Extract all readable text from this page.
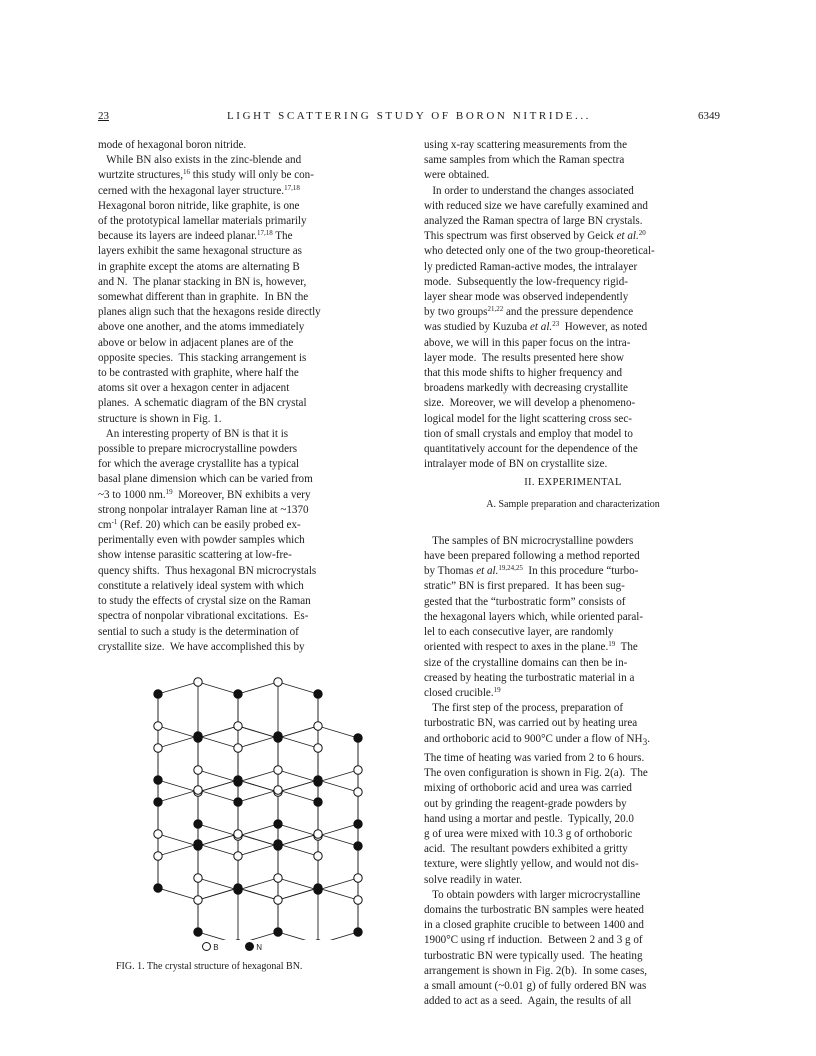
23	LIGHT SCATTERING STUDY OF BORON NITRIDE...	6349

mode of hexagonal boron nitride.

While BN also exists in the zinc-blende and

wurtzite structures,$^{16}$ this study will only be con-

cerned with the hexagonal layer structure.$^{17,18}$

Hexagonal boron nitride, like graphite, is one

of the prototypical lamellar materials primarily

because its layers are indeed planar.$^{17,18}$ The

layers exhibit the same hexagonal structure as

in graphite except the atoms are alternating B

and N.  The planar stacking in BN is, however,

somewhat different than in graphite.  In BN the

planes align such that the hexagons reside directly

above one another, and the atoms immediately

above or below in adjacent planes are of the

opposite species.  This stacking arrangement is

to be contrasted with graphite, where half the

atoms sit over a hexagon center in adjacent

planes.  A schematic diagram of the BN crystal

structure is shown in Fig. 1.

An interesting property of BN is that it is

possible to prepare microcrystalline powders

for which the average crystallite has a typical

basal plane dimension which can be varied from

~3 to 1000 nm.$^{19}$  Moreover, BN exhibits a very

strong nonpolar intralayer Raman line at ~1370

$cm^{-1}$ (Ref. 20) which can be easily probed ex-

perimentally even with powder samples which

show intense parasitic scattering at low-fre-

quency shifts.  Thus hexagonal BN microcrystals

constitute a relatively ideal system with which

to study the effects of crystal size on the Raman

spectra of nonpolar vibrational excitations.  Es-

sential to such a study is the determination of

crystallite size.  We have accomplished this by

B	N
FIG. 1. The crystal structure of hexagonal BN.

using x-ray scattering measurements from the

same samples from which the Raman spectra

were obtained.

In order to understand the changes associated

with reduced size we have carefully examined and

analyzed the Raman spectra of large BN crystals.

This spectrum was first observed by Geick et al.$^{20}$

who detected only one of the two group-theoretical-

ly predicted Raman-active modes, the intralayer

mode.  Subsequently the low-frequency rigid-

layer shear mode was observed independently

by two groups$^{21,22}$ and the pressure dependence

was studied by Kuzuba et al.$^{23}$  However, as noted

above, we will in this paper focus on the intra-

layer mode.  The results presented here show

that this mode shifts to higher frequency and

broadens markedly with decreasing crystallite

size.  Moreover, we will develop a phenomeno-

logical model for the light scattering cross sec-

tion of small crystals and employ that model to

quantitatively account for the dependence of the

intralayer mode of BN on crystallite size.

II. EXPERIMENTAL
A. Sample preparation and characterization

The samples of BN microcrystalline powders

have been prepared following a method reported

by Thomas et al.$^{19,24,25}$  In this procedure “turbo-

stratic” BN is first prepared.  It has been sug-

gested that the “turbostratic form” consists of

the hexagonal layers which, while oriented paral-

lel to each consecutive layer, are randomly

oriented with respect to axes in the plane.$^{19}$  The

size of the crystalline domains can then be in-

creased by heating the turbostratic material in a

closed crucible.$^{19}$

The first step of the process, preparation of

turbostratic BN, was carried out by heating urea

and orthoboric acid to 900°C under a flow of $NH_3$.

The time of heating was varied from 2 to 6 hours.

The oven configuration is shown in Fig. 2(a).  The

mixing of orthoboric acid and urea was carried

out by grinding the reagent-grade powders by

hand using a mortar and pestle.  Typically, 20.0

g of urea were mixed with 10.3 g of orthoboric

acid.  The resultant powders exhibited a gritty

texture, were slightly yellow, and would not dis-

solve readily in water.

To obtain powders with larger microcrystalline

domains the turbostratic BN samples were heated

in a closed graphite crucible to between 1400 and

1900°C using rf induction.  Between 2 and 3 g of

turbostratic BN were typically used.  The heating

arrangement is shown in Fig. 2(b).  In some cases,

a small amount (~0.01 g) of fully ordered BN was

added to act as a seed.  Again, the results of all
